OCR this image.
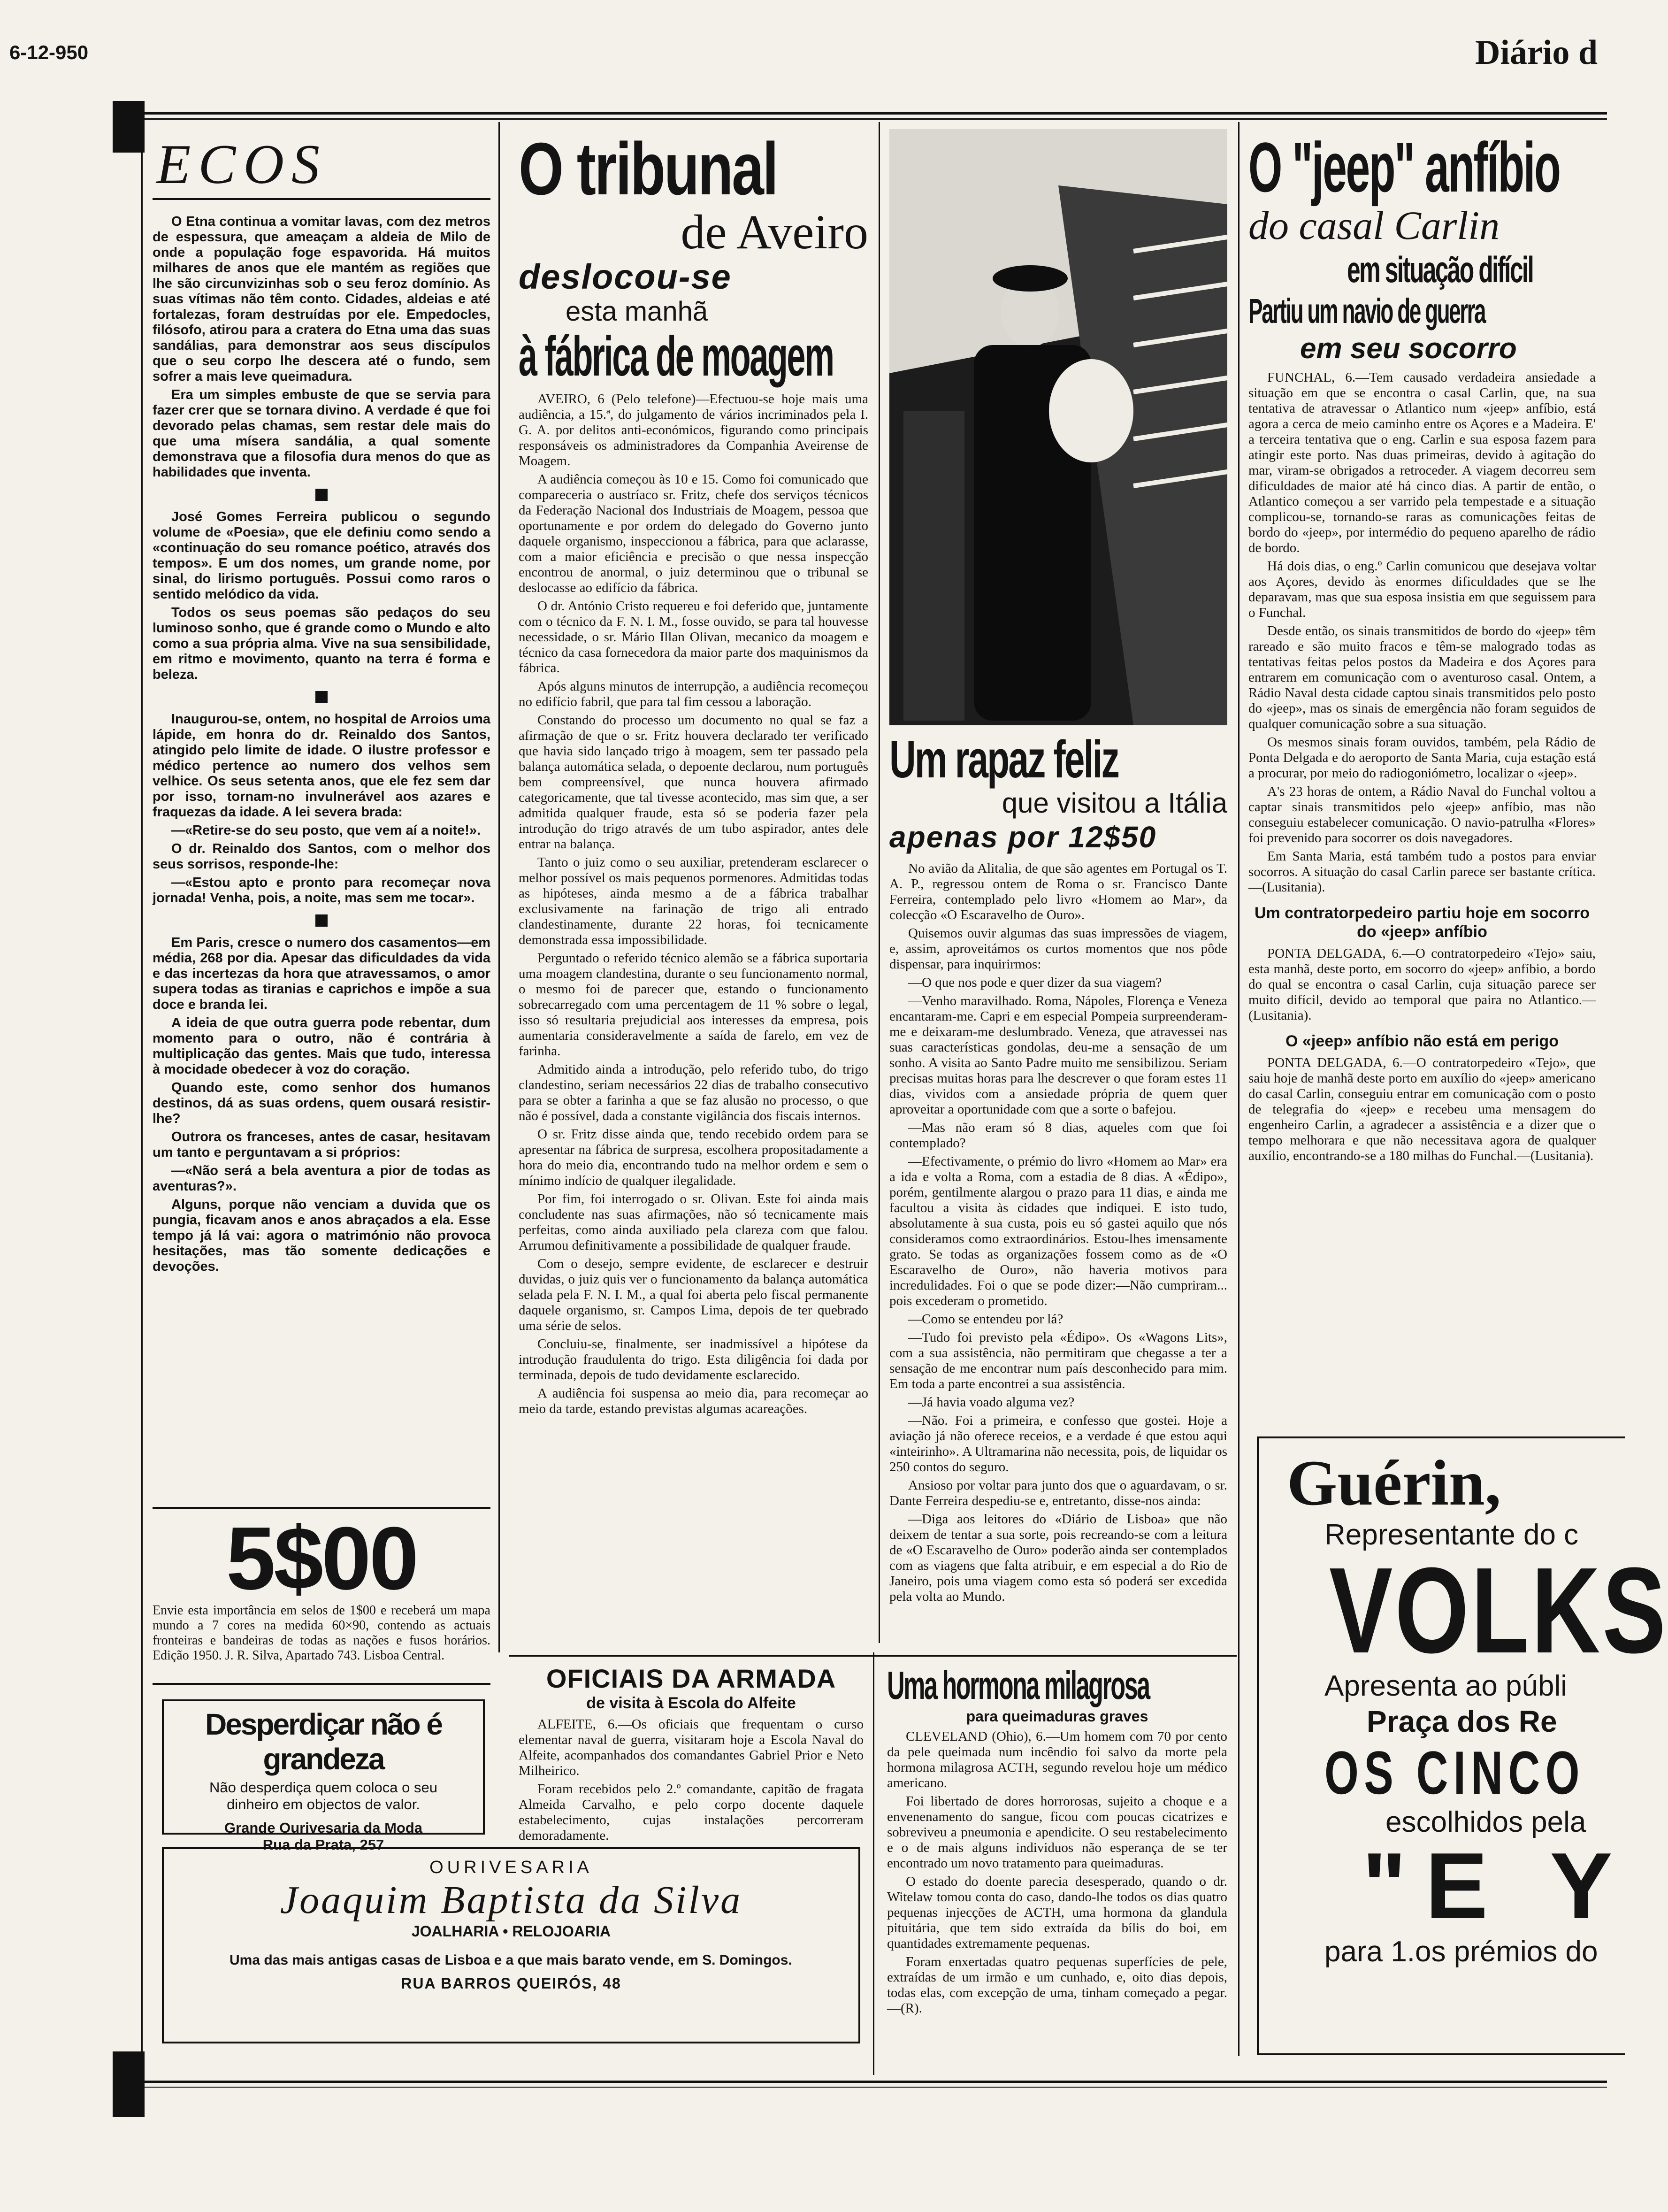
6-12-950	Diário d
ECOS

O Etna continua a vomitar lavas, com dez metros de espessura, que ameaçam a aldeia de Milo de onde a população foge espavorida. Há muitos milhares de anos que ele mantém as regiões que lhe são circunvizinhas sob o seu feroz domínio. As suas vítimas não têm conto. Cidades, aldeias e até fortalezas, foram destruídas por ele. Empedocles, filósofo, atirou para a cratera do Etna uma das suas sandálias, para demonstrar aos seus discípulos que o seu corpo lhe descera até o fundo, sem sofrer a mais leve queimadura.

Era um simples embuste de que se servia para fazer crer que se tornara divino. A verdade é que foi devorado pelas chamas, sem restar dele mais do que uma mísera sandália, a qual somente demonstrava que a filosofia dura menos do que as habilidades que inventa.

José Gomes Ferreira publicou o segundo volume de «Poesia», que ele definiu como sendo a «continuação do seu romance poético, através dos tempos». E um dos nomes, um grande nome, por sinal, do lirismo português. Possui como raros o sentido melódico da vida.

Todos os seus poemas são pedaços do seu luminoso sonho, que é grande como o Mundo e alto como a sua própria alma. Vive na sua sensibilidade, em ritmo e movimento, quanto na terra é forma e beleza.

Inaugurou-se, ontem, no hospital de Arroios uma lápide, em honra do dr. Reinaldo dos Santos, atingido pelo limite de idade. O ilustre professor e médico pertence ao numero dos velhos sem velhice. Os seus setenta anos, que ele fez sem dar por isso, tornam-no invulnerável aos azares e fraquezas da idade. A lei severa brada:

—«Retire-se do seu posto, que vem aí a noite!».

O dr. Reinaldo dos Santos, com o melhor dos seus sorrisos, responde-lhe:

—«Estou apto e pronto para recomeçar nova jornada! Venha, pois, a noite, mas sem me tocar».

Em Paris, cresce o numero dos casamentos—em média, 268 por dia. Apesar das dificuldades da vida e das incertezas da hora que atravessamos, o amor supera todas as tiranias e caprichos e impõe a sua doce e branda lei.

A ideia de que outra guerra pode rebentar, dum momento para o outro, não é contrária à multiplicação das gentes. Mais que tudo, interessa à mocidade obedecer à voz do coração.

Quando este, como senhor dos humanos destinos, dá as suas ordens, quem ousará resistir-lhe?

Outrora os franceses, antes de casar, hesitavam um tanto e perguntavam a si próprios:

—«Não será a bela aventura a pior de todas as aventuras?».

Alguns, porque não venciam a duvida que os pungia, ficavam anos e anos abraçados a ela. Esse tempo já lá vai: agora o matrimónio não provoca hesitações, mas tão somente dedicações e devoções.

5$00

Envie esta importância em selos de 1$00 e receberá um mapa mundo a 7 cores na medida 60×90, contendo as actuais fronteiras e bandeiras de todas as nações e fusos horários. Edição 1950. J. R. Silva, Apartado 743. Lisboa Central.

Desperdiçar não é grandeza
Não desperdiça quem coloca o seu dinheiro em objectos de valor.
Grande Ourivesaria da Moda
Rua da Prata, 257
OURIVESARIA
Joaquim Baptista da Silva
JOALHARIA • RELOJOARIA
Uma das mais antigas casas de Lisboa e a que mais barato vende, em S. Domingos.
RUA BARROS QUEIRÓS, 48
O tribunal
de Aveiro
deslocou-se
esta manhã
à fábrica de moagem

AVEIRO, 6 (Pelo telefone)—Efectuou-se hoje mais uma audiência, a 15.ª, do julgamento de vários incriminados pela I. G. A. por delitos anti-económicos, figurando como principais responsáveis os administradores da Companhia Aveirense de Moagem.

A audiência começou às 10 e 15. Como foi comunicado que compareceria o austríaco sr. Fritz, chefe dos serviços técnicos da Federação Nacional dos Industriais de Moagem, pessoa que oportunamente e por ordem do delegado do Governo junto daquele organismo, inspeccionou a fábrica, para que aclarasse, com a maior eficiência e precisão o que nessa inspecção encontrou de anormal, o juiz determinou que o tribunal se deslocasse ao edifício da fábrica.

O dr. António Cristo requereu e foi deferido que, juntamente com o técnico da F. N. I. M., fosse ouvido, se para tal houvesse necessidade, o sr. Mário Illan Olivan, mecanico da moagem e técnico da casa fornecedora da maior parte dos maquinismos da fábrica.

Após alguns minutos de interrupção, a audiência recomeçou no edifício fabril, que para tal fim cessou a laboração.

Constando do processo um documento no qual se faz a afirmação de que o sr. Fritz houvera declarado ter verificado que havia sido lançado trigo à moagem, sem ter passado pela balança automática selada, o depoente declarou, num português bem compreensível, que nunca houvera afirmado categoricamente, que tal tivesse acontecido, mas sim que, a ser admitida qualquer fraude, esta só se poderia fazer pela introdução do trigo através de um tubo aspirador, antes dele entrar na balança.

Tanto o juiz como o seu auxiliar, pretenderam esclarecer o melhor possível os mais pequenos pormenores. Admitidas todas as hipóteses, ainda mesmo a de a fábrica trabalhar exclusivamente na farinação de trigo ali entrado clandestinamente, durante 22 horas, foi tecnicamente demonstrada essa impossibilidade.

Perguntado o referido técnico alemão se a fábrica suportaria uma moagem clandestina, durante o seu funcionamento normal, o mesmo foi de parecer que, estando o funcionamento sobrecarregado com uma percentagem de 11 % sobre o legal, isso só resultaria prejudicial aos interesses da empresa, pois aumentaria consideravelmente a saída de farelo, em vez de farinha.

Admitido ainda a introdução, pelo referido tubo, do trigo clandestino, seriam necessários 22 dias de trabalho consecutivo para se obter a farinha a que se faz alusão no processo, o que não é possível, dada a constante vigilância dos fiscais internos.

O sr. Fritz disse ainda que, tendo recebido ordem para se apresentar na fábrica de surpresa, escolhera propositadamente a hora do meio dia, encontrando tudo na melhor ordem e sem o mínimo indício de qualquer ilegalidade.

Por fim, foi interrogado o sr. Olivan. Este foi ainda mais concludente nas suas afirmações, não só tecnicamente mais perfeitas, como ainda auxiliado pela clareza com que falou. Arrumou definitivamente a possibilidade de qualquer fraude.

Com o desejo, sempre evidente, de esclarecer e destruir duvidas, o juiz quis ver o funcionamento da balança automática selada pela F. N. I. M., a qual foi aberta pelo fiscal permanente daquele organismo, sr. Campos Lima, depois de ter quebrado uma série de selos.

Concluiu-se, finalmente, ser inadmissível a hipótese da introdução fraudulenta do trigo. Esta diligência foi dada por terminada, depois de tudo devidamente esclarecido.

A audiência foi suspensa ao meio dia, para recomeçar ao meio da tarde, estando previstas algumas acareações.

Um rapaz feliz
que visitou a Itália
apenas por 12$50

No avião da Alitalia, de que são agentes em Portugal os T. A. P., regressou ontem de Roma o sr. Francisco Dante Ferreira, contemplado pelo livro «Homem ao Mar», da colecção «O Escaravelho de Ouro».

Quisemos ouvir algumas das suas impressões de viagem, e, assim, aproveitámos os curtos momentos que nos pôde dispensar, para inquirirmos:

—O que nos pode e quer dizer da sua viagem?

—Venho maravilhado. Roma, Nápoles, Florença e Veneza encantaram-me. Capri e em especial Pompeia surpreenderam-me e deixaram-me deslumbrado. Veneza, que atravessei nas suas características gondolas, deu-me a sensação de um sonho. A visita ao Santo Padre muito me sensibilizou. Seriam precisas muitas horas para lhe descrever o que foram estes 11 dias, vividos com a ansiedade própria de quem quer aproveitar a oportunidade com que a sorte o bafejou.

—Mas não eram só 8 dias, aqueles com que foi contemplado?

—Efectivamente, o prémio do livro «Homem ao Mar» era a ida e volta a Roma, com a estadia de 8 dias. A «Édipo», porém, gentilmente alargou o prazo para 11 dias, e ainda me facultou a visita às cidades que indiquei. E isto tudo, absolutamente à sua custa, pois eu só gastei aquilo que nós consideramos como extraordinários. Estou-lhes imensamente grato. Se todas as organizações fossem como as de «O Escaravelho de Ouro», não haveria motivos para incredulidades. Foi o que se pode dizer:—Não cumpriram... pois excederam o prometido.

—Como se entendeu por lá?

—Tudo foi previsto pela «Édipo». Os «Wagons Lits», com a sua assistência, não permitiram que chegasse a ter a sensação de me encontrar num país desconhecido para mim. Em toda a parte encontrei a sua assistência.

—Já havia voado alguma vez?

—Não. Foi a primeira, e confesso que gostei. Hoje a aviação já não oferece receios, e a verdade é que estou aqui «inteirinho». A Ultramarina não necessita, pois, de liquidar os 250 contos do seguro.

Ansioso por voltar para junto dos que o aguardavam, o sr. Dante Ferreira despediu-se e, entretanto, disse-nos ainda:

—Diga aos leitores do «Diário de Lisboa» que não deixem de tentar a sua sorte, pois recreando-se com a leitura de «O Escaravelho de Ouro» poderão ainda ser contemplados com as viagens que falta atribuir, e em especial a do Rio de Janeiro, pois uma viagem como esta só poderá ser excedida pela volta ao Mundo.

OFICIAIS DA ARMADA
de visita à Escola do Alfeite

ALFEITE, 6.—Os oficiais que frequentam o curso elementar naval de guerra, visitaram hoje a Escola Naval do Alfeite, acompanhados dos comandantes Gabriel Prior e Neto Milheirico.

Foram recebidos pelo 2.º comandante, capitão de fragata Almeida Carvalho, e pelo corpo docente daquele estabelecimento, cujas instalações percorreram demoradamente.

Uma hormona milagrosa
para queimaduras graves

CLEVELAND (Ohio), 6.—Um homem com 70 por cento da pele queimada num incêndio foi salvo da morte pela hormona milagrosa ACTH, segundo revelou hoje um médico americano.

Foi libertado de dores horrorosas, sujeito a choque e a envenenamento do sangue, ficou com poucas cicatrizes e sobreviveu a pneumonia e apendicite. O seu restabelecimento e o de mais alguns individuos não esperança de se ter encontrado um novo tratamento para queimaduras.

O estado do doente parecia desesperado, quando o dr. Witelaw tomou conta do caso, dando-lhe todos os dias quatro pequenas injecções de ACTH, uma hormona da glandula pituitária, que tem sido extraída da bílis do boi, em quantidades extremamente pequenas.

Foram enxertadas quatro pequenas superfícies de pele, extraídas de um irmão e um cunhado, e, oito dias depois, todas elas, com excepção de uma, tinham começado a pegar.—(R).

O "jeep" anfíbio
do casal Carlin
em situação difícil
Partiu um navio de guerra
em seu socorro

FUNCHAL, 6.—Tem causado verdadeira ansiedade a situação em que se encontra o casal Carlin, que, na sua tentativa de atravessar o Atlantico num «jeep» anfíbio, está agora a cerca de meio caminho entre os Açores e a Madeira. E' a terceira tentativa que o eng. Carlin e sua esposa fazem para atingir este porto. Nas duas primeiras, devido à agitação do mar, viram-se obrigados a retroceder. A viagem decorreu sem dificuldades de maior até há cinco dias. A partir de então, o Atlantico começou a ser varrido pela tempestade e a situação complicou-se, tornando-se raras as comunicações feitas de bordo do «jeep», por intermédio do pequeno aparelho de rádio de bordo.

Há dois dias, o eng.º Carlin comunicou que desejava voltar aos Açores, devido às enormes dificuldades que se lhe deparavam, mas que sua esposa insistia em que seguissem para o Funchal.

Desde então, os sinais transmitidos de bordo do «jeep» têm rareado e são muito fracos e têm-se malogrado todas as tentativas feitas pelos postos da Madeira e dos Açores para entrarem em comunicação com o aventuroso casal. Ontem, a Rádio Naval desta cidade captou sinais transmitidos pelo posto do «jeep», mas os sinais de emergência não foram seguidos de qualquer comunicação sobre a sua situação.

Os mesmos sinais foram ouvidos, também, pela Rádio de Ponta Delgada e do aeroporto de Santa Maria, cuja estação está a procurar, por meio do radiogoniómetro, localizar o «jeep».

A's 23 horas de ontem, a Rádio Naval do Funchal voltou a captar sinais transmitidos pelo «jeep» anfíbio, mas não conseguiu estabelecer comunicação. O navio-patrulha «Flores» foi prevenido para socorrer os dois navegadores.

Em Santa Maria, está também tudo a postos para enviar socorros. A situação do casal Carlin parece ser bastante crítica.—(Lusitania).

Um contratorpedeiro partiu hoje em socorro do «jeep» anfíbio

PONTA DELGADA, 6.—O contratorpedeiro «Tejo» saiu, esta manhã, deste porto, em socorro do «jeep» anfíbio, a bordo do qual se encontra o casal Carlin, cuja situação parece ser muito difícil, devido ao temporal que paira no Atlantico.—(Lusitania).

O «jeep» anfíbio não está em perigo

PONTA DELGADA, 6.—O contratorpedeiro «Tejo», que saiu hoje de manhã deste porto em auxílio do «jeep» americano do casal Carlin, conseguiu entrar em comunicação com o posto de telegrafia do «jeep» e recebeu uma mensagem do engenheiro Carlin, a agradecer a assistência e a dizer que o tempo melhorara e que não necessitava agora de qualquer auxílio, encontrando-se a 180 milhas do Funchal.—(Lusitania).

Guérin,
Representante do c
VOLKS
Apresenta ao públi
Praça dos Re
OS CINCO
escolhidos pela
"E Y
para 1.os prémios do
